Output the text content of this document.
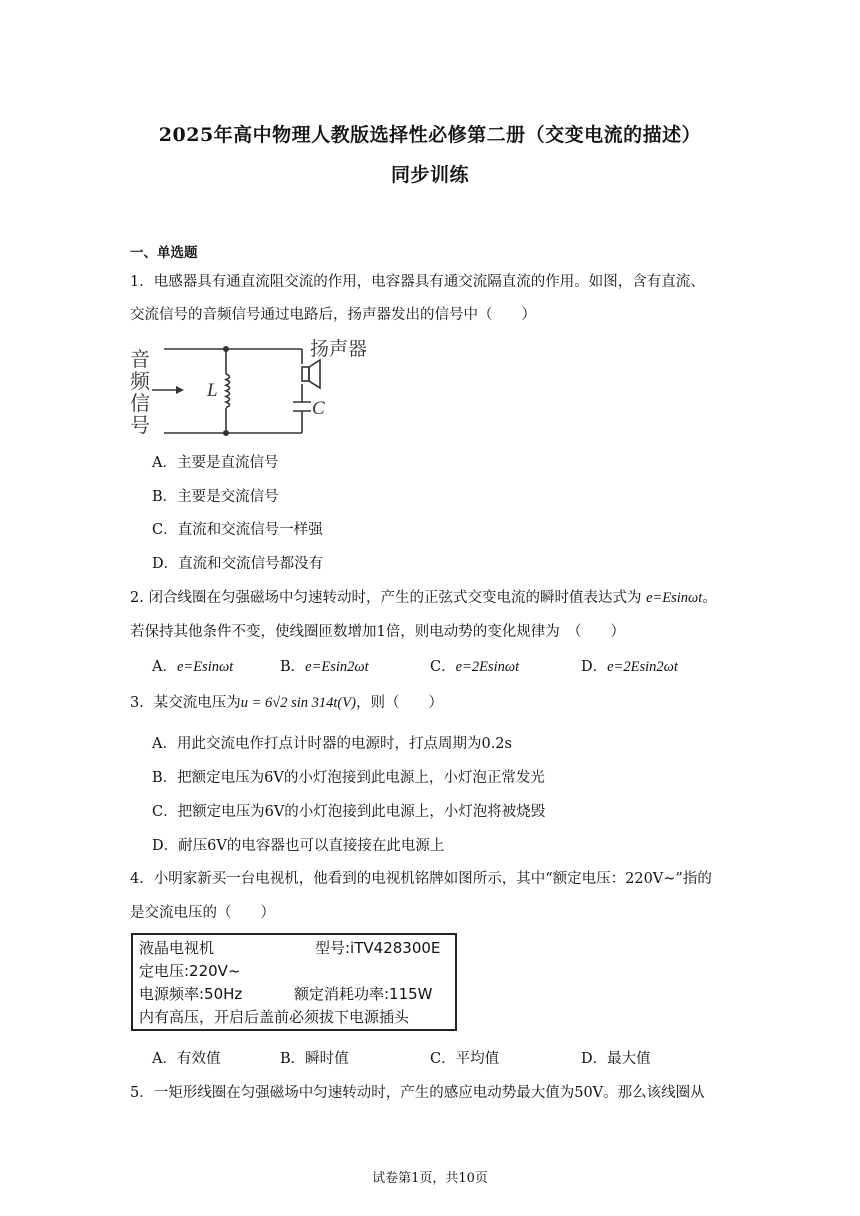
2025年高中物理人教版选择性必修第二册（交变电流的描述）
同步训练
一、单选题
1．电感器具有通直流阻交流的作用，电容器具有通交流隔直流的作用。如图，含有直流、
交流信号的音频信号通过电路后，扬声器发出的信号中（　　）
音
频
信
号
扬声器
L
C
A．主要是直流信号
B．主要是交流信号
C．直流和交流信号一样强
D．直流和交流信号都没有
2. 闭合线圈在匀强磁场中匀速转动时，产生的正弦式交变电流的瞬时值表达式为 e=Esinωt。
若保持其他条件不变，使线圈匝数增加1倍，则电动势的变化规律为　（　　）
A．e=Esinωt	B．e=Esin2ωt	C．e=2Esinωt	D．e=2Esin2ωt
3．某交流电压为u = 6√2 sin 314t(V)，则（　　）
A．用此交流电作打点计时器的电源时，打点周期为0.2s
B．把额定电压为6V的小灯泡接到此电源上，小灯泡正常发光
C．把额定电压为6V的小灯泡接到此电源上，小灯泡将被烧毁
D．耐压6V的电容器也可以直接接在此电源上
4．小明家新买一台电视机，他看到的电视机铭牌如图所示，其中“额定电压：220V~”指的
是交流电压的（　　）
液晶电视机	型号:iTV428300E
定电压:220V~
电源频率:50Hz	额定消耗功率:115W
内有高压，开启后盖前必须拔下电源插头
A．有效值	B．瞬时值	C．平均值	D．最大值
5．一矩形线圈在匀强磁场中匀速转动时，产生的感应电动势最大值为50V。那么该线圈从
试卷第1页，共10页
